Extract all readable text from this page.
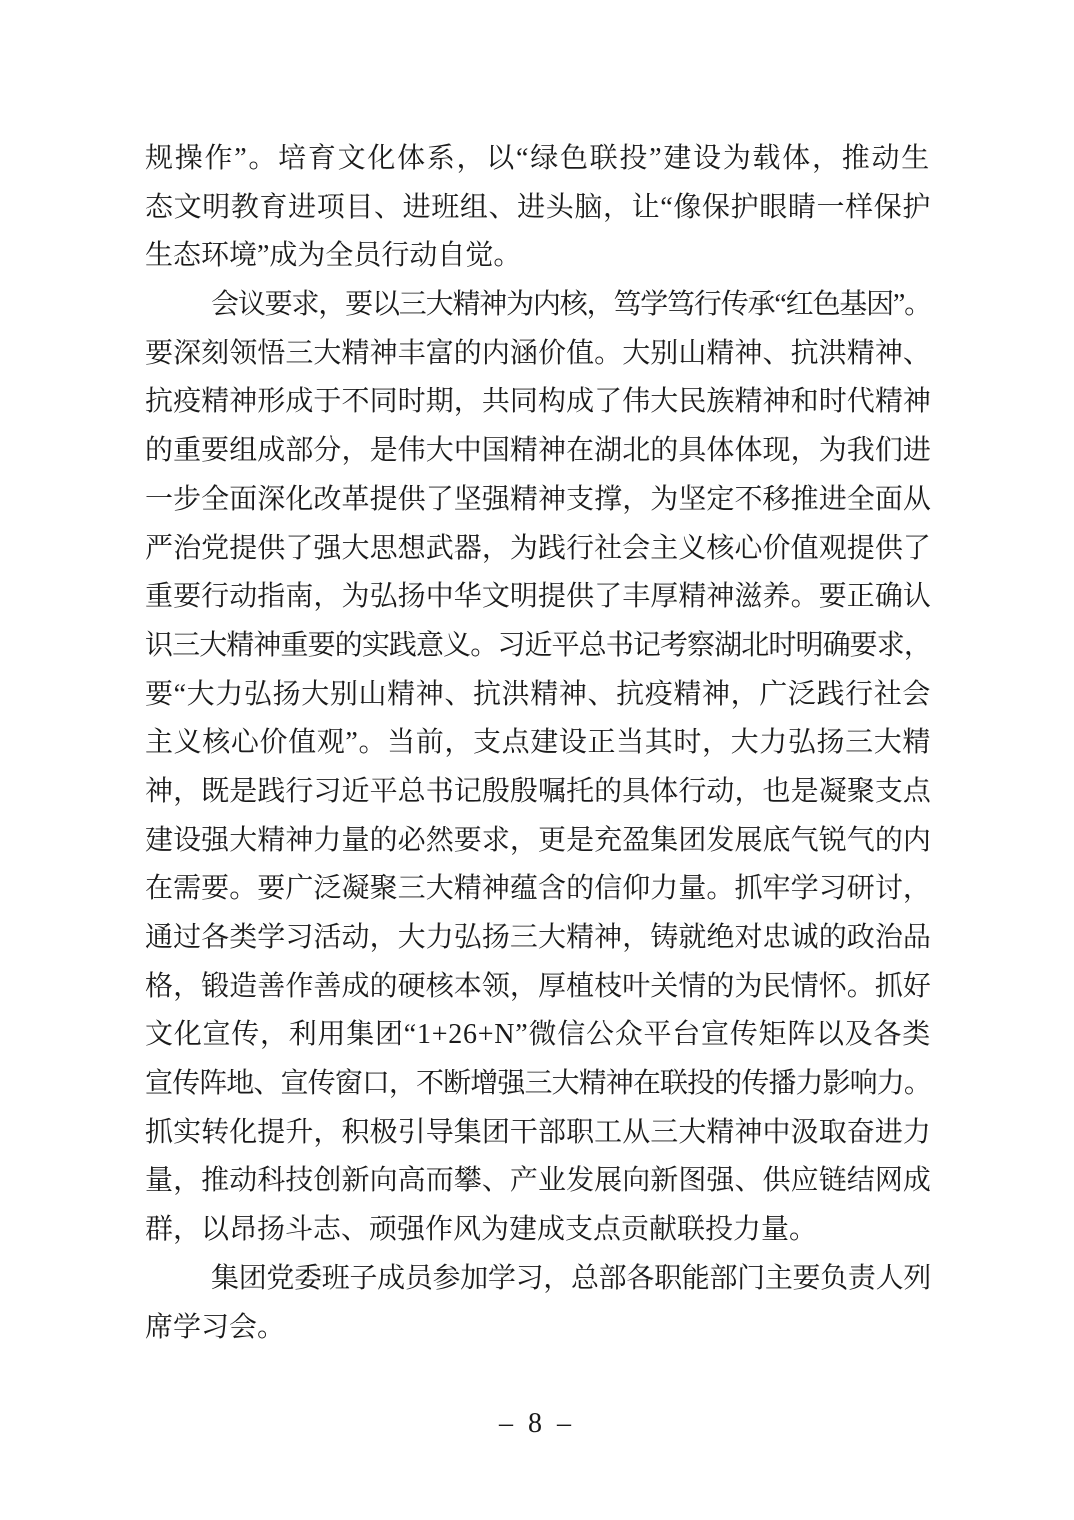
规操作”。培育文化体系，以“绿色联投”建设为载体，推动生
态文明教育进项目、进班组、进头脑，让“像保护眼睛一样保护
生态环境”成为全员行动自觉。
会议要求，要以三大精神为内核，笃学笃行传承“红色基因”。
要深刻领悟三大精神丰富的内涵价值。大别山精神、抗洪精神、
抗疫精神形成于不同时期，共同构成了伟大民族精神和时代精神
的重要组成部分，是伟大中国精神在湖北的具体体现，为我们进
一步全面深化改革提供了坚强精神支撑，为坚定不移推进全面从
严治党提供了强大思想武器，为践行社会主义核心价值观提供了
重要行动指南，为弘扬中华文明提供了丰厚精神滋养。要正确认
识三大精神重要的实践意义。习近平总书记考察湖北时明确要求，
要“大力弘扬大别山精神、抗洪精神、抗疫精神，广泛践行社会
主义核心价值观”。当前，支点建设正当其时，大力弘扬三大精
神，既是践行习近平总书记殷殷嘱托的具体行动，也是凝聚支点
建设强大精神力量的必然要求，更是充盈集团发展底气锐气的内
在需要。要广泛凝聚三大精神蕴含的信仰力量。抓牢学习研讨，
通过各类学习活动，大力弘扬三大精神，铸就绝对忠诚的政治品
格，锻造善作善成的硬核本领，厚植枝叶关情的为民情怀。抓好
文化宣传，利用集团“1+26+N”微信公众平台宣传矩阵以及各类
宣传阵地、宣传窗口，不断增强三大精神在联投的传播力影响力。
抓实转化提升，积极引导集团干部职工从三大精神中汲取奋进力
量，推动科技创新向高而攀、产业发展向新图强、供应链结网成
群，以昂扬斗志、顽强作风为建成支点贡献联投力量。
集团党委班子成员参加学习，总部各职能部门主要负责人列
席学习会。
– 8 –
